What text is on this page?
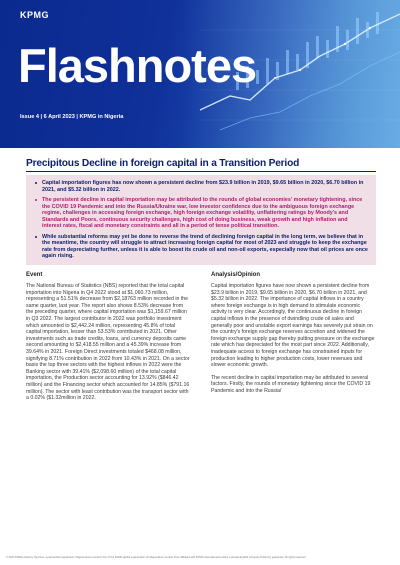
KPMG
Flashnotes
Issue 4 | 6 April 2023 | KPMG in Nigeria
Precipitous Decline in foreign capital in a Transition Period

Capital importation figures has now shown a persistent decline from $23.9 billion in 2019, $9.65 billion in 2020, $6.70 billion in 2021, and $5.32 billion in 2022.

The persistent decline in capital importation may be attributed to the rounds of global economies' monetary tightening, since the COVID 19 Pandemic and into the Russia/Ukraine war, low investor confidence due to the ambiguous foreign exchange regime, challenges in accessing foreign exchange, high foreign exchange volatility, unflattering ratings by Moody's and Standards and Poors, continuous security challenges, high cost of doing business, weak growth and high inflation and interest rates, fiscal and monetary constraints and all in a period of tense political transition.

While substantial reforms may yet be done to reverse the trend of declining foreign capital in the long term, we believe that in the meantime, the country will struggle to attract increasing foreign capital for most of 2023 and struggle to keep the exchange rate from depreciating further, unless it is able to boost its crude oil and non-oil exports, especially now that oil prices are once again rising.

Event

The National Bureau of Statistics (NBS) reported that the total capital importation into Nigeria in Q4 2022 stood at $1,060.73 million, representing a 51.51% decrease from $2,18763 million recorded in the same quarter, last year. The report also shows 8.53% decrease from the preceding quarter, where capital importation was $1,159.67 million in Q3 2022. The largest contributor in 2022 was portfolio investment which amounted to $2,442.24 million, representing 45.8% of total capital importation, lesser than 53.53% contributed in 2021. Other investments such as trade credits, loans, and currency deposits came second amounting to $2,418.55 million and a 45.39% increase from 39.64% in 2021. Foreign Direct investments totaled $468.08 million, signifying 8.71% contribution in 2022 from 10.43% in 2021. On a sector basis the top three sectors with the highest inflows in 2022 were the Banking sector with 39.41% ($2,098.60 million) of the total capital importation, the Production sector accounting for 13.92% ($846.42 million) and the Financing sector which accounted for 14.85% ($791.16 million). The sector with least contribution was the transport sector with a 0.02% ($1.32million in 2022.

Analysis/Opinion

Capital importation figures have now shown a persistent decline from $23.9 billion in 2019, $9.65 billion in 2020, $6.70 billion in 2021, and $5.32 billion in 2022. The importance of capital inflows in a country where foreign exchange is in high demand to stimulate economic activity is very clear. Accordingly, the continuous decline in foreign capital inflows in the presence of dwindling crude oil sales and generally poor and unstable export earnings has severely put strain on the country's foreign exchange reserves accretion and widened the foreign exchange supply gap thereby putting pressure on the exchange rate which has depreciated for the most part since 2022. Additionally, inadequate access to foreign exchange has constrained inputs for production leading to higher production costs, lower revenues and slower economic growth.

The recent decline in capital importation may be attributed to several factors. Firstly, the rounds of monetary tightening since the COVID 19 Pandemic and into the Russia/

© 2023 KPMG Advisory Services, a partnership registered in Nigeria and a member firm of the KPMG global organization of independent member firms affiliated with KPMG International Limited, a private English company limited by guarantee. All rights reserved.
